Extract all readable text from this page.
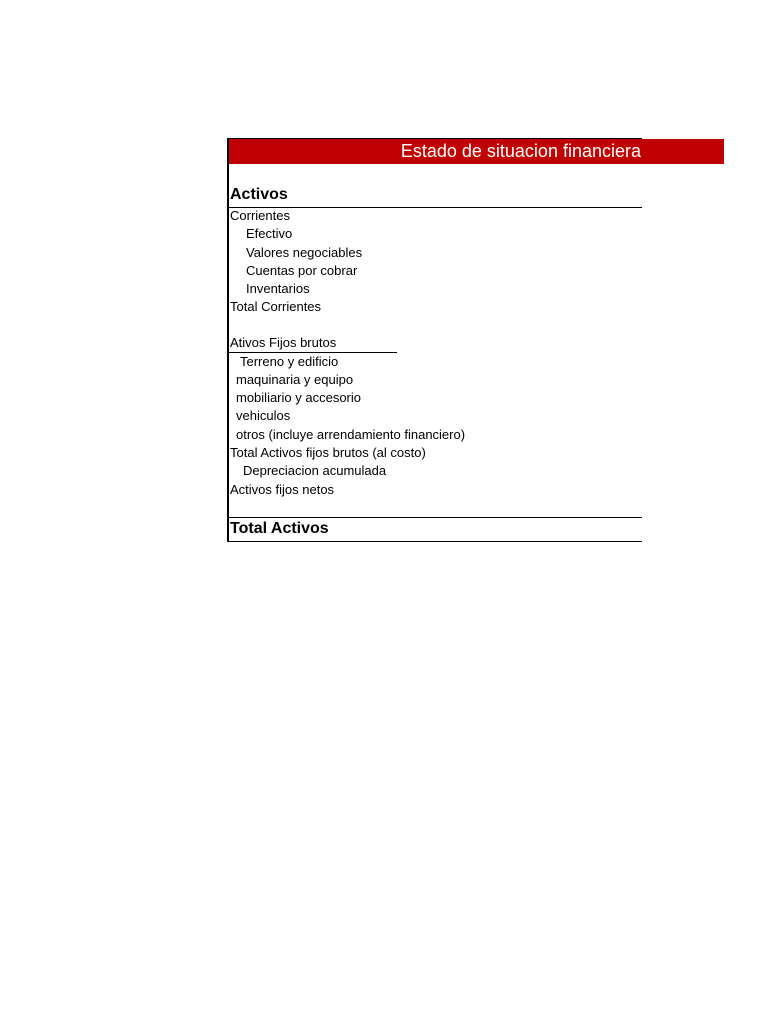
Estado de situacion financiera
Activos
Corrientes
Efectivo
Valores negociables
Cuentas por cobrar
Inventarios
Total Corrientes
Ativos Fijos brutos
Terreno y edificio
maquinaria y equipo
mobiliario y accesorio
vehiculos
otros (incluye arrendamiento financiero)
Total Activos fijos brutos (al costo)
Depreciacion acumulada
Activos fijos netos
Total Activos
